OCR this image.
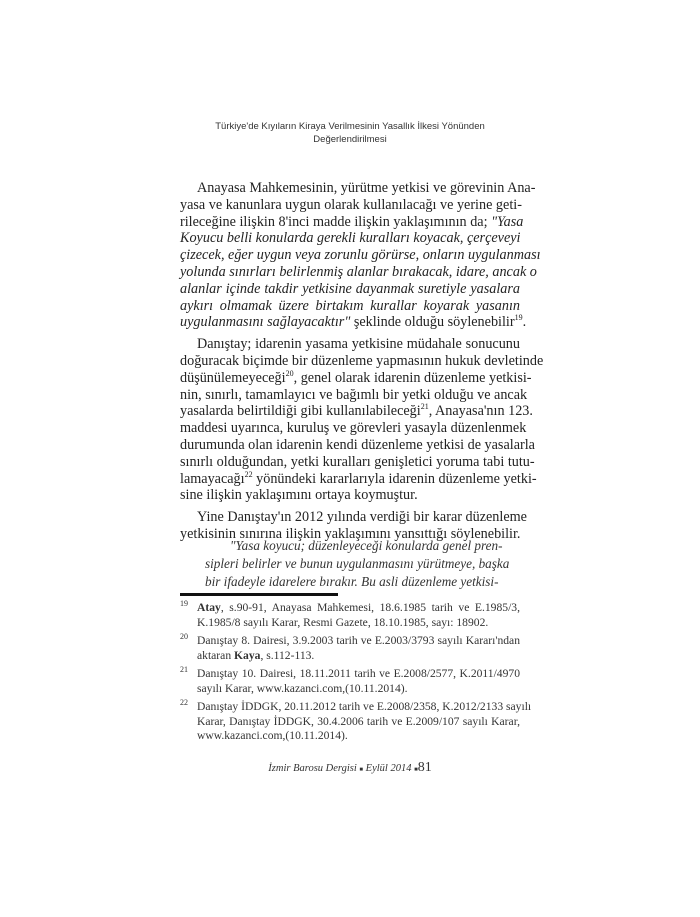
Türkiye'de Kıyıların Kiraya Verilmesinin Yasallık İlkesi Yönünden
Değerlendirilmesi
Anayasa Mahkemesinin, yürütme yetkisi ve görevinin Ana-
yasa ve kanunlara uygun olarak kullanılacağı ve yerine geti-
rileceğine ilişkin 8'inci madde ilişkin yaklaşımının da; "Yasa
Koyucu belli konularda gerekli kuralları koyacak, çerçeveyi
çizecek, eğer uygun veya zorunlu görürse, onların uygulanması
yolunda sınırları belirlenmiş alanlar bırakacak, idare, ancak o
alanlar içinde takdir yetkisine dayanmak suretiyle yasalara
aykırı olmamak üzere birtakım kurallar koyarak yasanın
uygulanmasını sağlayacaktır" şeklinde olduğu söylenebilir$^{19}$.
Danıştay; idarenin yasama yetkisine müdahale sonucunu
doğuracak biçimde bir düzenleme yapmasının hukuk devletinde
düşünülemeyeceği$^{20}$, genel olarak idarenin düzenleme yetkisi-
nin, sınırlı, tamamlayıcı ve bağımlı bir yetki olduğu ve ancak
yasalarda belirtildiği gibi kullanılabileceği$^{21}$, Anayasa'nın 123.
maddesi uyarınca, kuruluş ve görevleri yasayla düzenlenmek
durumunda olan idarenin kendi düzenleme yetkisi de yasalarla
sınırlı olduğundan, yetki kuralları genişletici yoruma tabi tutu-
lamayacağı$^{22}$ yönündeki kararlarıyla idarenin düzenleme yetki-
sine ilişkin yaklaşımını ortaya koymuştur.
Yine Danıştay'ın 2012 yılında verdiği bir karar düzenleme
yetkisinin sınırına ilişkin yaklaşımını yansıttığı söylenebilir.
"Yasa koyucu; düzenleyeceği konularda genel pren-
sipleri belirler ve bunun uygulanmasını yürütmeye, başka
bir ifadeyle idarelere bırakır. Bu asli düzenleme yetkisi-
19 Atay, s.90-91, Anayasa Mahkemesi, 18.6.1985 tarih ve E.1985/3,
K.1985/8 sayılı Karar, Resmi Gazete, 18.10.1985, sayı: 18902.
20 Danıştay 8. Dairesi, 3.9.2003 tarih ve E.2003/3793 sayılı Kararı'ndan
aktaran Kaya, s.112-113.
21 Danıştay 10. Dairesi, 18.11.2011 tarih ve E.2008/2577, K.2011/4970
sayılı Karar, www.kazanci.com,(10.11.2014).
22 Danıştay İDDGK, 20.11.2012 tarih ve E.2008/2358, K.2012/2133 sayılı
Karar, Danıştay İDDGK, 30.4.2006 tarih ve E.2009/107 sayılı Karar,
www.kazanci.com,(10.11.2014).
İzmir Barosu Dergisi ■ Eylül 2014 ■81
